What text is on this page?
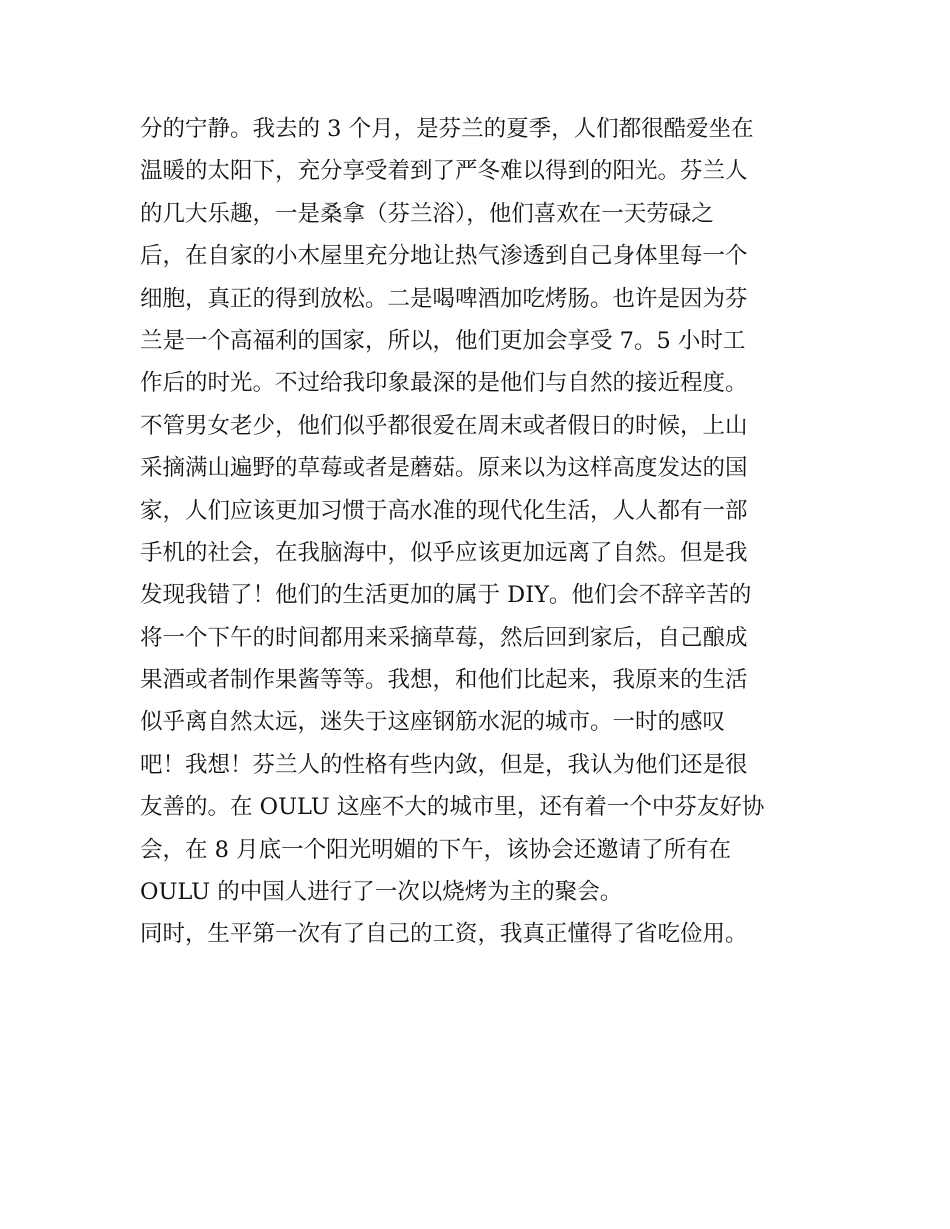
分的宁静。我去的 3 个月，是芬兰的夏季，人们都很酷爱坐在
温暖的太阳下，充分享受着到了严冬难以得到的阳光。芬兰人
的几大乐趣，一是桑拿（芬兰浴），他们喜欢在一天劳碌之
后，在自家的小木屋里充分地让热气渗透到自己身体里每一个
细胞，真正的得到放松。二是喝啤酒加吃烤肠。也许是因为芬
兰是一个高福利的国家，所以，他们更加会享受 7。5 小时工
作后的时光。不过给我印象最深的是他们与自然的接近程度。
不管男女老少，他们似乎都很爱在周末或者假日的时候，上山
采摘满山遍野的草莓或者是蘑菇。原来以为这样高度发达的国
家，人们应该更加习惯于高水准的现代化生活，人人都有一部
手机的社会，在我脑海中，似乎应该更加远离了自然。但是我
发现我错了！他们的生活更加的属于 DIY。他们会不辞辛苦的
将一个下午的时间都用来采摘草莓，然后回到家后，自己酿成
果酒或者制作果酱等等。我想，和他们比起来，我原来的生活
似乎离自然太远，迷失于这座钢筋水泥的城市。一时的感叹
吧！我想！芬兰人的性格有些内敛，但是，我认为他们还是很
友善的。在 OULU 这座不大的城市里，还有着一个中芬友好协
会，在 8 月底一个阳光明媚的下午，该协会还邀请了所有在
OULU 的中国人进行了一次以烧烤为主的聚会。
同时，生平第一次有了自己的工资，我真正懂得了省吃俭用。
